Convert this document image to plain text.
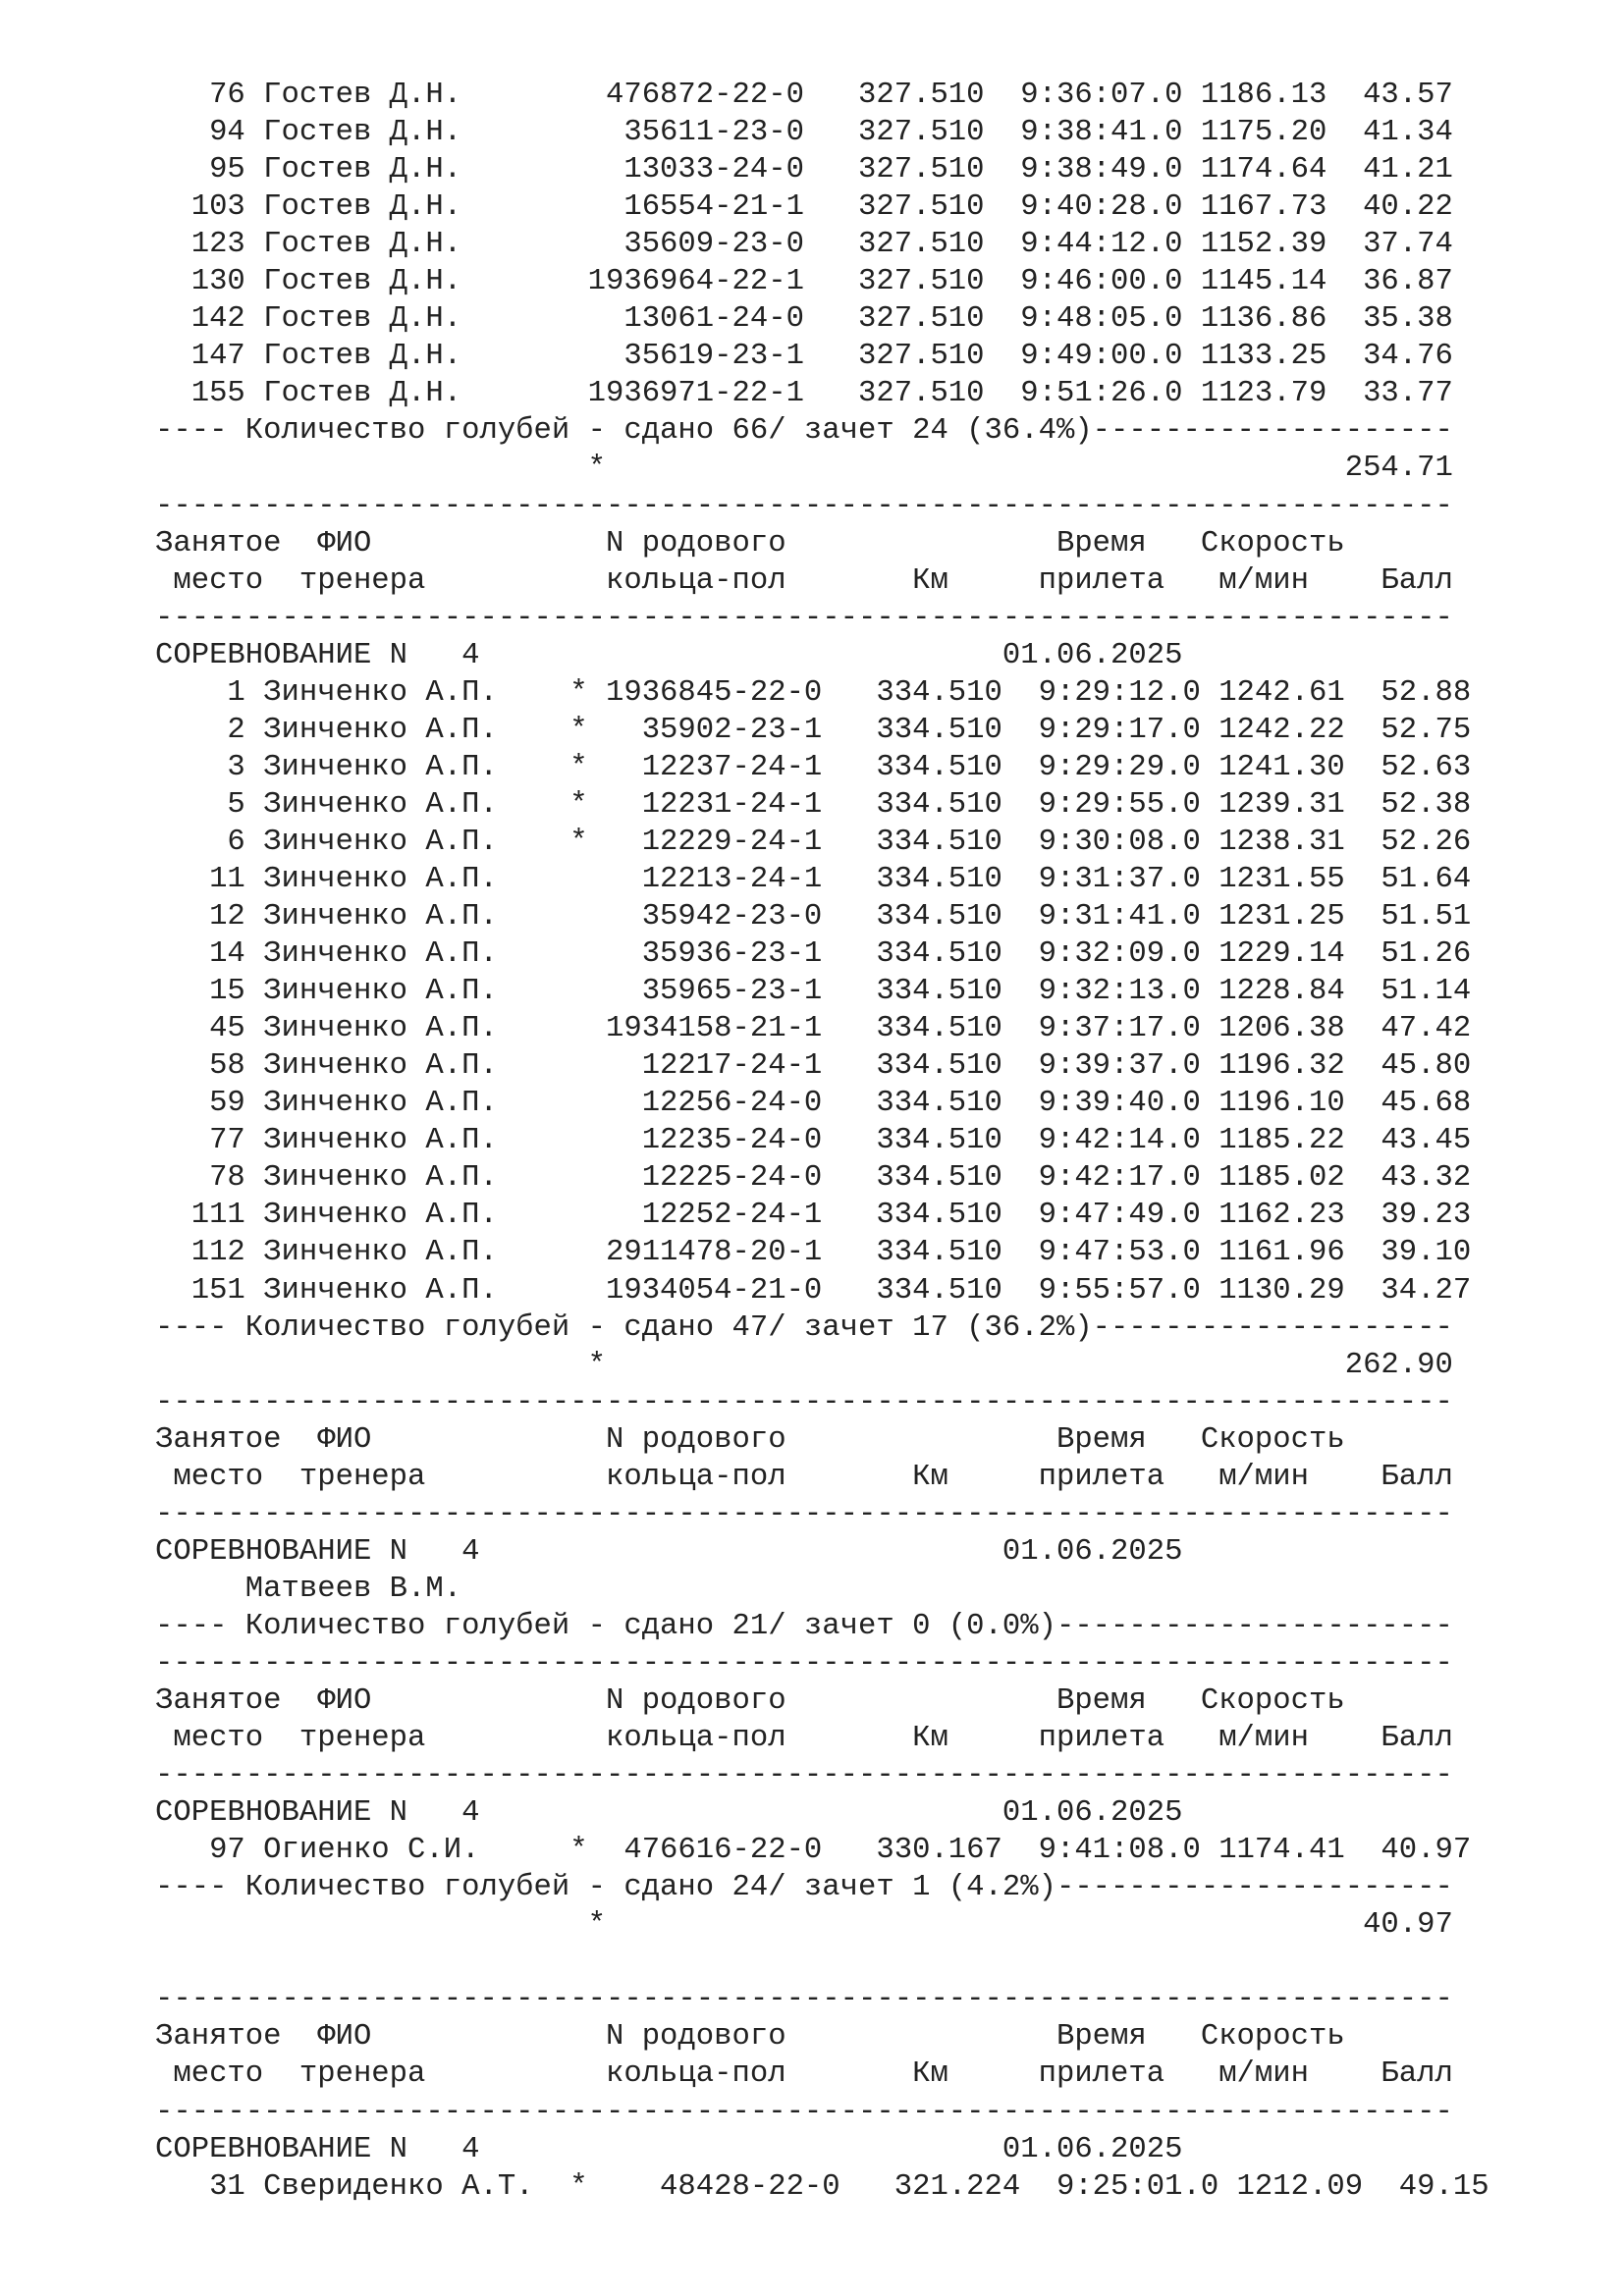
76 Гостев Д.Н.        476872-22-0   327.510  9:36:07.0 1186.13  43.57
94 Гостев Д.Н.         35611-23-0   327.510  9:38:41.0 1175.20  41.34
95 Гостев Д.Н.         13033-24-0   327.510  9:38:49.0 1174.64  41.21
103 Гостев Д.Н.         16554-21-1   327.510  9:40:28.0 1167.73  40.22
123 Гостев Д.Н.         35609-23-0   327.510  9:44:12.0 1152.39  37.74
130 Гостев Д.Н.       1936964-22-1   327.510  9:46:00.0 1145.14  36.87
142 Гостев Д.Н.         13061-24-0   327.510  9:48:05.0 1136.86  35.38
147 Гостев Д.Н.         35619-23-1   327.510  9:49:00.0 1133.25  34.76
155 Гостев Д.Н.       1936971-22-1   327.510  9:51:26.0 1123.79  33.77
---- Количество голубей - сдано 66/ зачет 24 (36.4%)--------------------
*                                         254.71
------------------------------------------------------------------------
Занятое  ФИО             N родового               Время   Скорость
место  тренера          кольца-пол       Км     прилета   м/мин    Балл
------------------------------------------------------------------------
СОРЕВНОВАНИЕ N   4                             01.06.2025
1 Зинченко А.П.    * 1936845-22-0   334.510  9:29:12.0 1242.61  52.88
2 Зинченко А.П.    *   35902-23-1   334.510  9:29:17.0 1242.22  52.75
3 Зинченко А.П.    *   12237-24-1   334.510  9:29:29.0 1241.30  52.63
5 Зинченко А.П.    *   12231-24-1   334.510  9:29:55.0 1239.31  52.38
6 Зинченко А.П.    *   12229-24-1   334.510  9:30:08.0 1238.31  52.26
11 Зинченко А.П.        12213-24-1   334.510  9:31:37.0 1231.55  51.64
12 Зинченко А.П.        35942-23-0   334.510  9:31:41.0 1231.25  51.51
14 Зинченко А.П.        35936-23-1   334.510  9:32:09.0 1229.14  51.26
15 Зинченко А.П.        35965-23-1   334.510  9:32:13.0 1228.84  51.14
45 Зинченко А.П.      1934158-21-1   334.510  9:37:17.0 1206.38  47.42
58 Зинченко А.П.        12217-24-1   334.510  9:39:37.0 1196.32  45.80
59 Зинченко А.П.        12256-24-0   334.510  9:39:40.0 1196.10  45.68
77 Зинченко А.П.        12235-24-0   334.510  9:42:14.0 1185.22  43.45
78 Зинченко А.П.        12225-24-0   334.510  9:42:17.0 1185.02  43.32
111 Зинченко А.П.        12252-24-1   334.510  9:47:49.0 1162.23  39.23
112 Зинченко А.П.      2911478-20-1   334.510  9:47:53.0 1161.96  39.10
151 Зинченко А.П.      1934054-21-0   334.510  9:55:57.0 1130.29  34.27
---- Количество голубей - сдано 47/ зачет 17 (36.2%)--------------------
*                                         262.90
------------------------------------------------------------------------
Занятое  ФИО             N родового               Время   Скорость
место  тренера          кольца-пол       Км     прилета   м/мин    Балл
------------------------------------------------------------------------
СОРЕВНОВАНИЕ N   4                             01.06.2025
Матвеев В.М.
---- Количество голубей - сдано 21/ зачет 0 (0.0%)----------------------
------------------------------------------------------------------------
Занятое  ФИО             N родового               Время   Скорость
место  тренера          кольца-пол       Км     прилета   м/мин    Балл
------------------------------------------------------------------------
СОРЕВНОВАНИЕ N   4                             01.06.2025
97 Огиенко С.И.     *  476616-22-0   330.167  9:41:08.0 1174.41  40.97
---- Количество голубей - сдано 24/ зачет 1 (4.2%)----------------------
*                                          40.97

------------------------------------------------------------------------
Занятое  ФИО             N родового               Время   Скорость
место  тренера          кольца-пол       Км     прилета   м/мин    Балл
------------------------------------------------------------------------
СОРЕВНОВАНИЕ N   4                             01.06.2025
31 Свериденко А.Т.  *    48428-22-0   321.224  9:25:01.0 1212.09  49.15
